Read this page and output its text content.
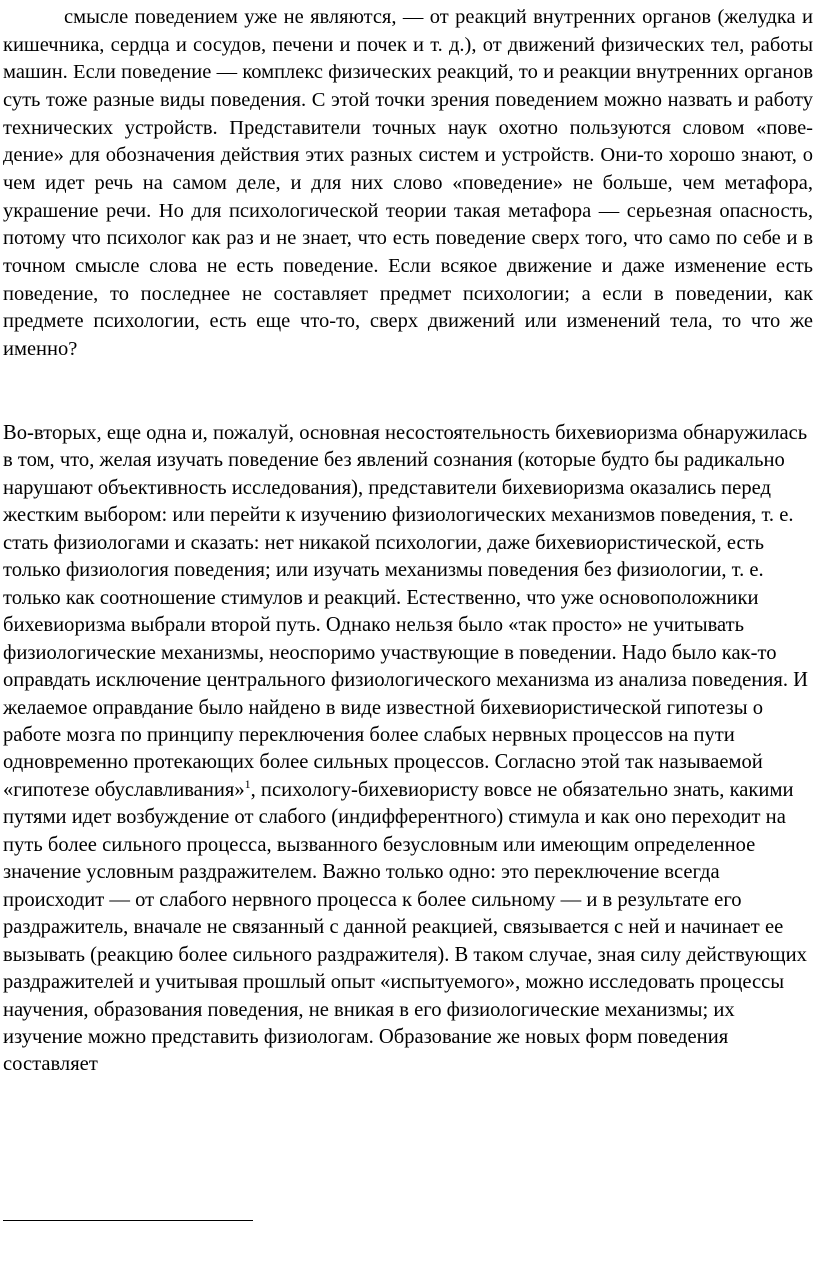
смысле поведением уже не являются, — от реакций внутренних органов (желудка и кишечника, сердца и сосудов, печени и почек и т. д.), от движений физических тел, работы машин. Если поведение — комплекс физических реакций, то и реакции внутренних органов суть тоже разные виды поведения. С этой точки зрения поведением можно назвать и работу технических устройств. Представители точных наук охотно пользуются словом «пове-дение» для обозначения действия этих разных систем и устройств. Они-то хорошо знают, о чем идет речь на самом деле, и для них слово «поведение» не больше, чем метафора, украшение речи. Но для психологической теории такая метафора — серьезная опасность, потому что психолог как раз и не знает, что есть поведение сверх того, что само по себе и в точном смысле слова не есть поведение. Если всякое движение и даже изменение есть поведение, то последнее не составляет предмет психологии; а если в поведении, как предмете психологии, есть еще что-то, сверх движений или изменений тела, то что же именно?

Во-вторых, еще одна и, пожалуй, основная несостоятельность бихевиоризма обнаружилась в том, что, желая изучать поведение без явлений сознания (которые будто бы радикально нарушают объективность исследования), представители бихевиоризма оказались перед жестким выбором: или перейти к изучению физиологических механизмов поведения, т. е. стать физиологами и сказать: нет никакой психологии, даже бихевиористической, есть только физиология поведения; или изучать механизмы поведения без физиологии, т. е. только как соотношение стимулов и реакций. Естественно, что уже основоположники бихевиоризма выбрали второй путь. Однако нельзя было «так просто» не учитывать физиологические механизмы, неоспоримо участвующие в поведении. Надо было как-то оправдать исключение центрального физиологического механизма из анализа поведения. И желаемое оправдание было найдено в виде известной бихевиористической гипотезы о работе мозга по принципу переключения более слабых нервных процессов на пути одновременно протекающих более сильных процессов. Согласно этой так называемой «гипотезе обуславливания»$^1$, психологу-бихевиористу вовсе не обязательно знать, какими путями идет возбуждение от слабого (индифферентного) стимула и как оно переходит на путь более сильного процесса, вызванного безусловным или имеющим определенное значение условным раздражителем. Важно только одно: это переключение всегда происходит — от слабого нервного процесса к более сильному — и в результате его раздражитель, вначале не связанный с данной реакцией, связывается с ней и начинает ее вызывать (реакцию более сильного раздражителя). В таком случае, зная силу действующих раздражителей и учитывая прошлый опыт «испытуемого», можно исследовать процессы научения, образования поведения, не вникая в его физиологические механизмы; их изучение можно представить физиологам. Образование же новых форм поведения составляет
